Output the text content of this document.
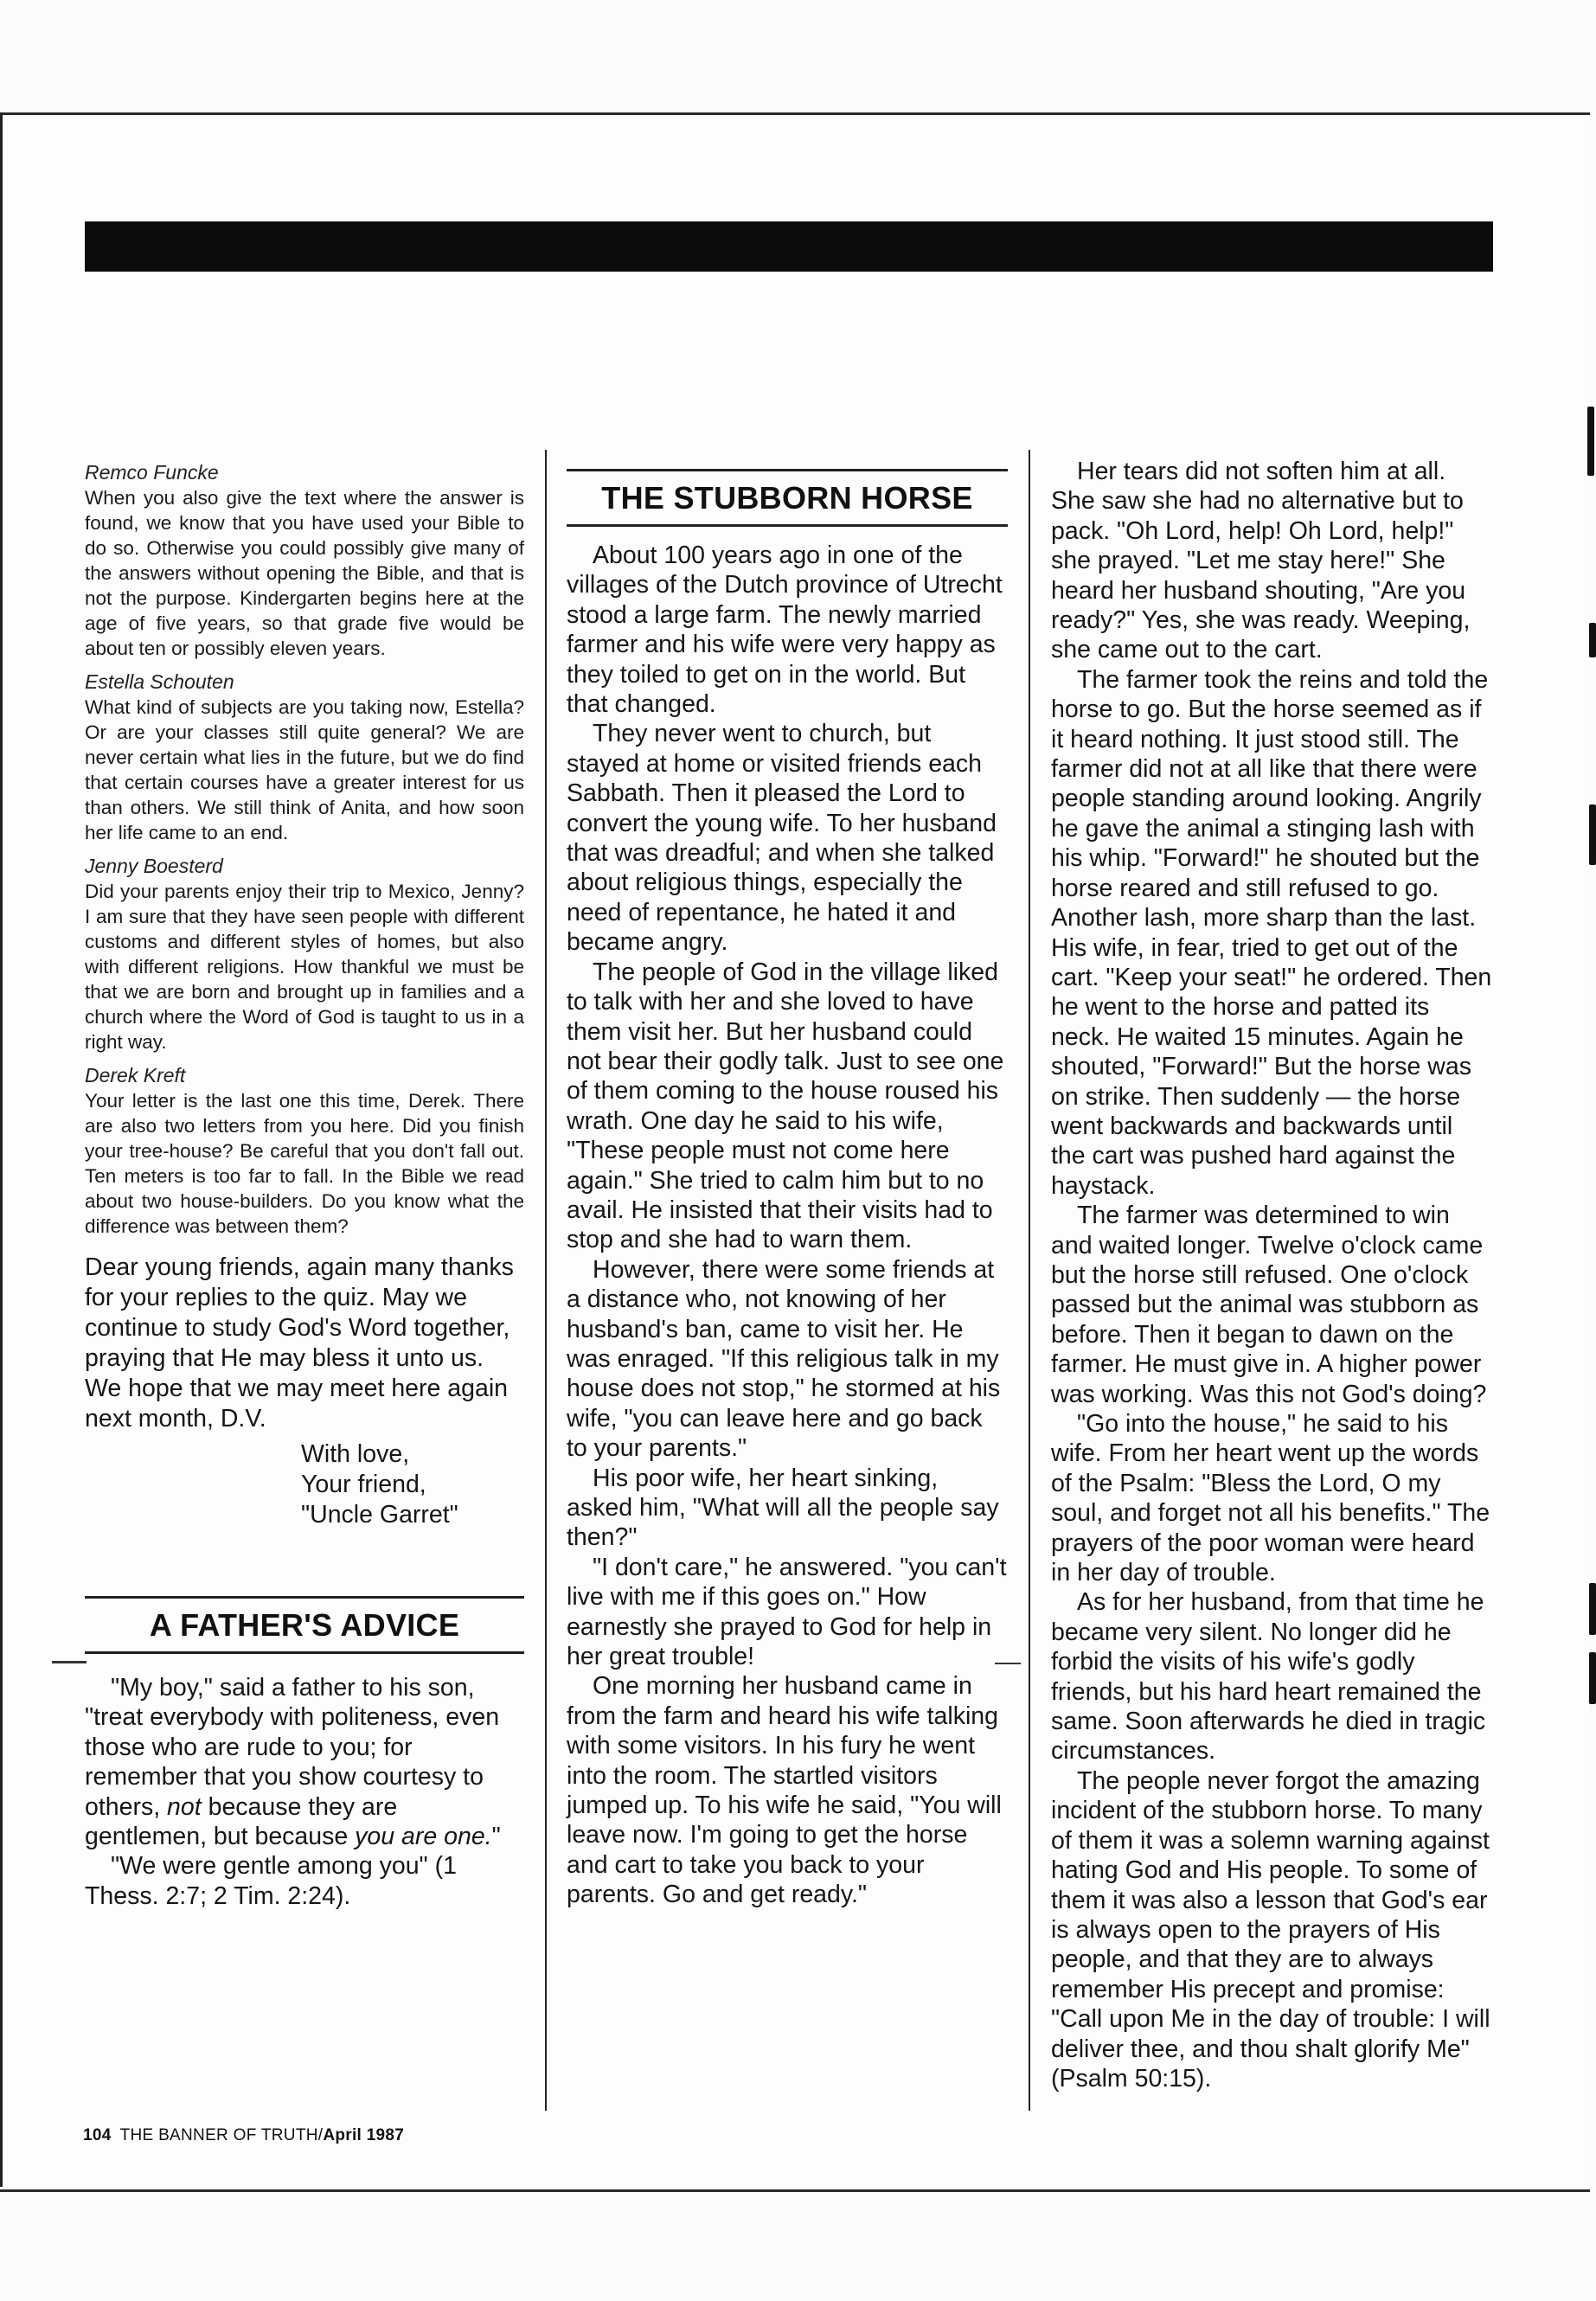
Remco Funcke
When you also give the text where the answer is found, we know that you have used your Bible to do so. Otherwise you could possibly give many of the answers without opening the Bible, and that is not the purpose. Kindergarten begins here at the age of five years, so that grade five would be about ten or possibly eleven years.
Estella Schouten
What kind of subjects are you taking now, Estella? Or are your classes still quite general? We are never certain what lies in the future, but we do find that certain courses have a greater interest for us than others. We still think of Anita, and how soon her life came to an end.
Jenny Boesterd
Did your parents enjoy their trip to Mexico, Jenny? I am sure that they have seen people with different customs and different styles of homes, but also with different religions. How thankful we must be that we are born and brought up in families and a church where the Word of God is taught to us in a right way.
Derek Kreft
Your letter is the last one this time, Derek. There are also two letters from you here. Did you finish your tree-house? Be careful that you don't fall out. Ten meters is too far to fall. In the Bible we read about two house-builders. Do you know what the difference was between them?
Dear young friends, again many thanks for your replies to the quiz. May we continue to study God's Word together, praying that He may bless it unto us. We hope that we may meet here again next month, D.V.
With love,
Your friend,
"Uncle Garret"
A FATHER'S ADVICE

"My boy," said a father to his son, "treat everybody with politeness, even those who are rude to you; for remember that you show courtesy to others, not because they are gentlemen, but because you are one."

"We were gentle among you" (1 Thess. 2:7; 2 Tim. 2:24).

THE STUBBORN HORSE

About 100 years ago in one of the villages of the Dutch province of Utrecht stood a large farm. The newly married farmer and his wife were very happy as they toiled to get on in the world. But that changed.

They never went to church, but stayed at home or visited friends each Sabbath. Then it pleased the Lord to convert the young wife. To her husband that was dreadful; and when she talked about religious things, especially the need of repentance, he hated it and became angry.

The people of God in the village liked to talk with her and she loved to have them visit her. But her husband could not bear their godly talk. Just to see one of them coming to the house roused his wrath. One day he said to his wife, "These people must not come here again." She tried to calm him but to no avail. He insisted that their visits had to stop and she had to warn them.

However, there were some friends at a distance who, not knowing of her husband's ban, came to visit her. He was enraged. "If this religious talk in my house does not stop," he stormed at his wife, "you can leave here and go back to your parents."

His poor wife, her heart sinking, asked him, "What will all the people say then?"

"I don't care," he answered. "you can't live with me if this goes on." How earnestly she prayed to God for help in her great trouble!

One morning her husband came in from the farm and heard his wife talking with some visitors. In his fury he went into the room. The startled visitors jumped up. To his wife he said, "You will leave now. I'm going to get the horse and cart to take you back to your parents. Go and get ready."

Her tears did not soften him at all. She saw she had no alternative but to pack. "Oh Lord, help! Oh Lord, help!" she prayed. "Let me stay here!" She heard her husband shouting, "Are you ready?" Yes, she was ready. Weeping, she came out to the cart.

The farmer took the reins and told the horse to go. But the horse seemed as if it heard nothing. It just stood still. The farmer did not at all like that there were people standing around looking. Angrily he gave the animal a stinging lash with his whip. "Forward!" he shouted but the horse reared and still refused to go. Another lash, more sharp than the last. His wife, in fear, tried to get out of the cart. "Keep your seat!" he ordered. Then he went to the horse and patted its neck. He waited 15 minutes. Again he shouted, "Forward!" But the horse was on strike. Then suddenly — the horse went backwards and backwards until the cart was pushed hard against the haystack.

The farmer was determined to win and waited longer. Twelve o'clock came but the horse still refused. One o'clock passed but the animal was stubborn as before. Then it began to dawn on the farmer. He must give in. A higher power was working. Was this not God's doing?

"Go into the house," he said to his wife. From her heart went up the words of the Psalm: "Bless the Lord, O my soul, and forget not all his benefits." The prayers of the poor woman were heard in her day of trouble.

As for her husband, from that time he became very silent. No longer did he forbid the visits of his wife's godly friends, but his hard heart remained the same. Soon afterwards he died in tragic circumstances.

The people never forgot the amazing incident of the stubborn horse. To many of them it was a solemn warning against hating God and His people. To some of them it was also a lesson that God's ear is always open to the prayers of His people, and that they are to always remember His precept and promise: "Call upon Me in the day of trouble: I will deliver thee, and thou shalt glorify Me" (Psalm 50:15).

104 THE BANNER OF TRUTH/April 1987
